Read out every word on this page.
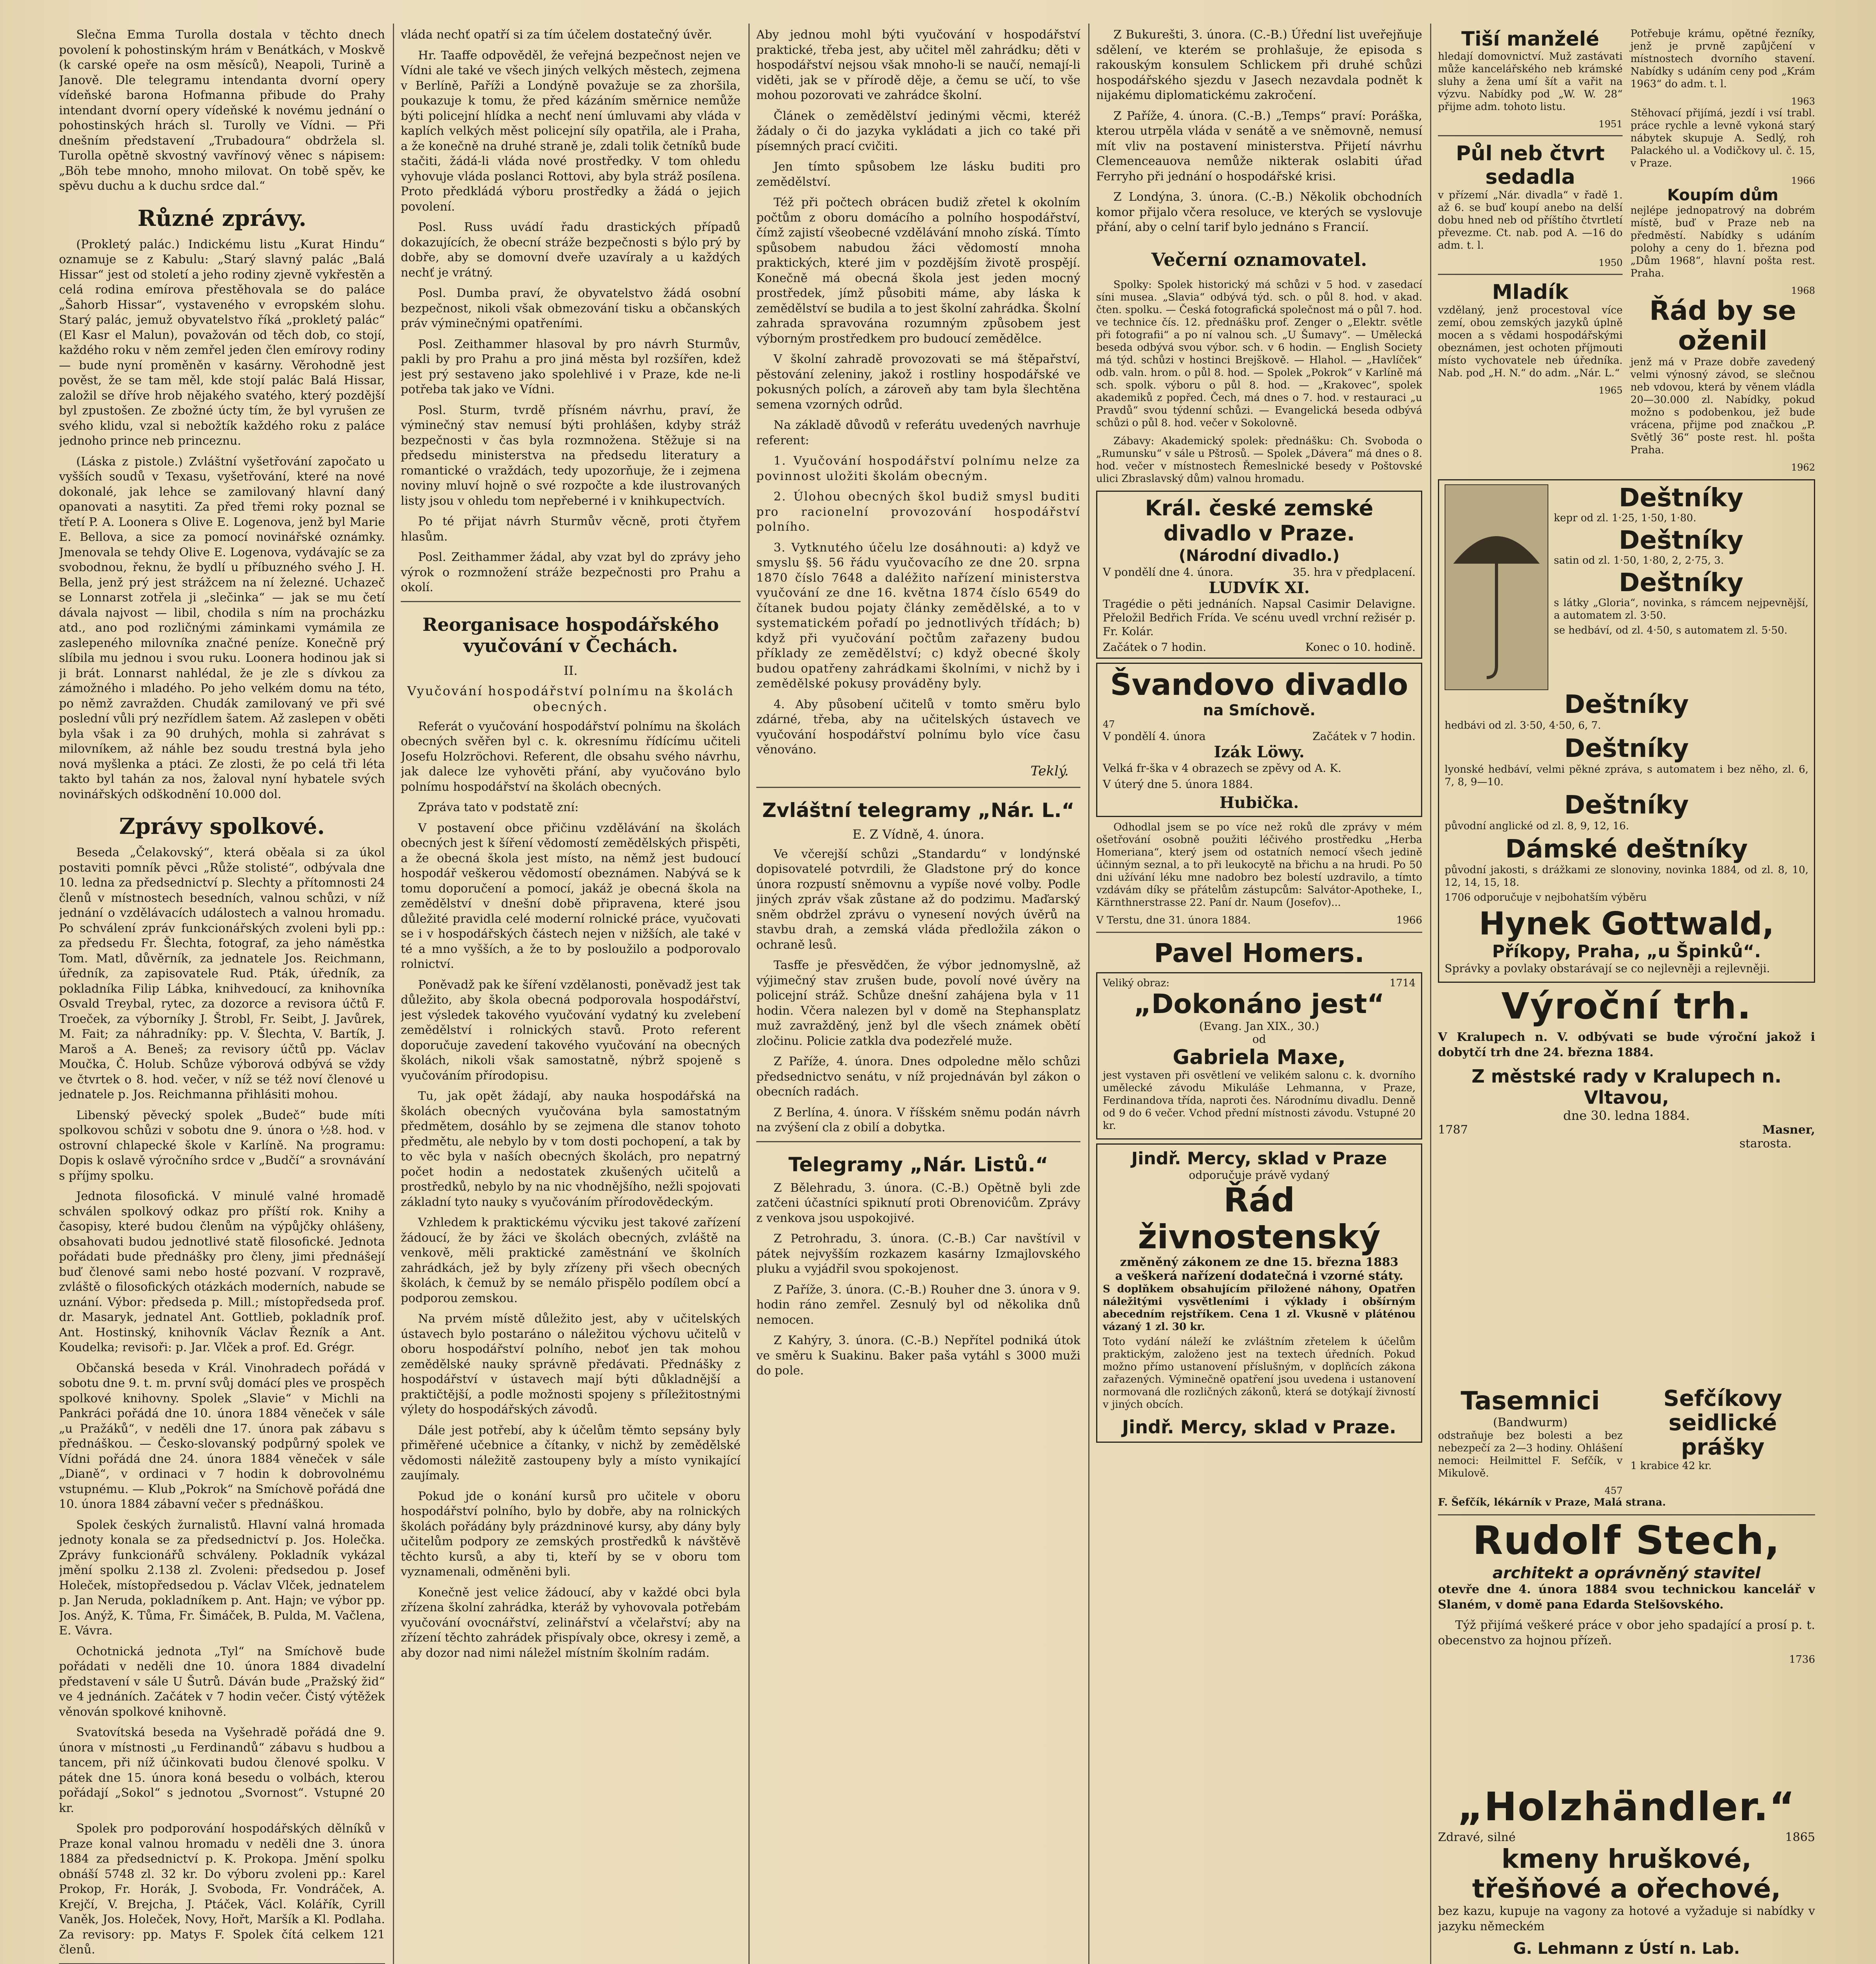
Slečna Emma Turolla dostala v těchto dnech povolení k pohostinským hrám v Benátkách, v Moskvě (k carské opeře na osm měsíců), Neapoli, Turině a Janově. Dle telegramu intendanta dvorní opery vídeňské barona Hofmanna přibude do Prahy intendant dvorní opery vídeňské k novému jednání o pohostinských hrách sl. Turolly ve Vídni. — Při dnešním představení „Trubadoura“ obdržela sl. Turolla opětně skvostný vavřínový věnec s nápisem: „Böh tebe mnoho, mnoho milovat. On tobě spěv, ke spěvu duchu a k duchu srdce dal.“

Různé zprávy.

(Prokletý palác.) Indickému listu „Kurat Hindu“ oznamuje se z Kabulu: „Starý slavný palác „Balá Hissar“ jest od století a jeho rodiny zjevně vykřestěn a celá rodina emírova přestěhovala se do paláce „Šahorb Hissar“, vystaveného v evropském slohu. Starý palác, jemuž obyvatelstvo říká „prokletý palác“ (El Kasr el Malun), považován od těch dob, co stojí, každého roku v něm zemřel jeden člen emírovy rodiny — bude nyní proměněn v kasárny. Věrohodně jest pověst, že se tam měl, kde stojí palác Balá Hissar, založil se dříve hrob nějakého svatého, který pozdější byl zpustošen. Ze zbožné úcty tím, že byl vyrušen ze svého klidu, vzal si nebožtík každého roku z paláce jednoho prince neb princeznu.

(Láska z pistole.) Zvláštní vyšetřování započato u vyšších soudů v Texasu, vyšetřování, které na nové dokonalé, jak lehce se zamilovaný hlavní daný opanovati a nasytiti. Za před třemi roky poznal se třetí P. A. Loonera s Olive E. Logenova, jenž byl Marie E. Bellova, a sice za pomocí novinářské oznámky. Jmenovala se tehdy Olive E. Logenova, vydávajíc se za svobodnou, řeknu, že bydlí u příbuzného svého J. H. Bella, jenž prý jest strážcem na ní železné. Uchazeč se Lonnarst zotřela ji „slečinka“ — jak se mu četí dávala najvost — libil, chodila s ním na procházku atd., ano pod rozličnými záminkami vymámila ze zaslepeného milovníka značné peníze. Konečně prý slíbila mu jednou i svou ruku. Loonera hodinou jak si ji brát. Lonnarst nahlédal, že je zle s dívkou za zámožného i mladého. Po jeho velkém domu na této, po němž zavražden. Chudák zamilovaný ve při své poslední vůli prý nezřídlem šatem. Až zaslepen v oběti byla však i za 90 druhých, mohla si zahrávat s milovníkem, až náhle bez soudu trestná byla jeho nová myšlenka a ptáci. Ze zlosti, že po celá tři léta takto byl tahán za nos, žaloval nyní hybatele svých novinářských odškodnění 10.000 dol.

Zprávy spolkové.

Beseda „Čelakovský“, která oběala si za úkol postaviti pomník pěvci „Růže stolisté“, odbývala dne 10. ledna za předsednictví p. Slechty a přítomnosti 24 členů v místnostech besedních, valnou schůzi, v níž jednání o vzdělávacích událostech a valnou hromadu. Po schválení zpráv funkcionářských zvoleni byli pp.: za předsedu Fr. Šlechta, fotograf, za jeho náměstka Tom. Matl, důvěrník, za jednatele Jos. Reichmann, úředník, za zapisovatele Rud. Pták, úředník, za pokladníka Filip Lábka, knihvedoucí, za knihovníka Osvald Treybal, rytec, za dozorce a revisora účtů F. Troeček, za výborníky J. Štrobl, Fr. Seibt, J. Javůrek, M. Fait; za náhradníky: pp. V. Šlechta, V. Bartík, J. Maroš a A. Beneš; za revisory účtů pp. Václav Moučka, Č. Holub. Schůze výborová odbývá se vždy ve čtvrtek o 8. hod. večer, v níž se též noví členové u jednatele p. Jos. Reichmanna přihlásiti mohou.

Libenský pěvecký spolek „Budeč“ bude míti spolkovou schůzi v sobotu dne 9. února o ½8. hod. v ostrovní chlapecké škole v Karlíně. Na programu: Dopis k oslavě výročního srdce v „Budčí“ a srovnávání s příjmy spolku.

Jednota filosofická. V minulé valné hromadě schválen spolkový odkaz pro příští rok. Knihy a časopisy, které budou členům na výpůjčky ohlášeny, obsahovati budou jednotlivé statě filosofické. Jednota pořádati bude přednášky pro členy, jimi přednášejí buď členové sami nebo hosté pozvaní. V rozpravě, zvláště o filosofických otázkách moderních, nabude se uznání. Výbor: předseda p. Mill.; místopředseda prof. dr. Masaryk, jednatel Ant. Gottlieb, pokladník prof. Ant. Hostinský, knihovník Václav Řezník a Ant. Koudelka; revisoři: p. Jar. Vlček a prof. Ed. Grégr.

Občanská beseda v Král. Vinohradech pořádá v sobotu dne 9. t. m. první svůj domácí ples ve prospěch spolkové knihovny. Spolek „Slavie“ v Michli na Pankráci pořádá dne 10. února 1884 věneček v sále „u Pražáků“, v neděli dne 17. února pak zábavu s přednáškou. — Česko-slovanský podpůrný spolek ve Vídni pořádá dne 24. února 1884 věneček v sále „Dianě“, v ordinaci v 7 hodin k dobrovolnému vstupnému. — Klub „Pokrok“ na Smíchově pořádá dne 10. února 1884 zábavní večer s přednáškou.

Spolek českých žurnalistů. Hlavní valná hromada jednoty konala se za předsednictví p. Jos. Holečka. Zprávy funkcionářů schváleny. Pokladník vykázal jmění spolku 2.138 zl. Zvoleni: předsedou p. Josef Holeček, místopředsedou p. Václav Vlček, jednatelem p. Jan Neruda, pokladníkem p. Ant. Hajn; ve výbor pp. Jos. Anýž, K. Tůma, Fr. Šimáček, B. Pulda, M. Vačlena, E. Vávra.

Ochotnická jednota „Tyl“ na Smíchově bude pořádati v neděli dne 10. února 1884 divadelní představení v sále U Šutrů. Dáván bude „Pražský žid“ ve 4 jednáních. Začátek v 7 hodin večer. Čistý výtěžek věnován spolkové knihovně.

Svatovítská beseda na Vyšehradě pořádá dne 9. února v místnosti „u Ferdinandů“ zábavu s hudbou a tancem, při níž účinkovati budou členové spolku. V pátek dne 15. února koná besedu o volbách, kterou pořádají „Sokol“ s jednotou „Svornost“. Vstupné 20 kr.

Spolek pro podporování hospodářských dělníků v Praze konal valnou hromadu v neděli dne 3. února 1884 za předsednictví p. K. Prokopa. Jmění spolku obnáší 5748 zl. 32 kr. Do výboru zvoleni pp.: Karel Prokop, Fr. Horák, J. Svoboda, Fr. Vondráček, A. Krejčí, V. Brejcha, J. Ptáček, Václ. Kolářík, Cyrill Vaněk, Jos. Holeček, Novy, Hořt, Maršík a Kl. Podlaha. Za revisory: pp. Matys F. Spolek čítá celkem 121 členů.

vláda nechť opatří si za tím účelem dostatečný úvěr.

Hr. Taaffe odpověděl, že veřejná bezpečnost nejen ve Vídni ale také ve všech jiných velkých městech, zejmena v Berlíně, Paříži a Londýně považuje se za zhoršila, poukazuje k tomu, že před kázáním směrnice nemůže býti policejní hlídka a nechť není úmluvami aby vláda v kaplích velkých měst policejní síly opatřila, ale i Praha, a že konečně na druhé straně je, zdali tolik četníků bude stačiti, žádá-li vláda nové prostředky. V tom ohledu vyhovuje vláda poslanci Rottovi, aby byla stráž posílena. Proto předkládá výboru prostředky a žádá o jejich povolení.

Posl. Russ uvádí řadu drastických případů dokazujících, že obecní stráže bezpečnosti s býlo prý by dobře, aby se domovní dveře uzavíraly a u každých nechť je vrátný.

Posl. Dumba praví, že obyvatelstvo žádá osobní bezpečnost, nikoli však obmezování tisku a občanských práv výminečnými opatřeními.

Posl. Zeithammer hlasoval by pro návrh Sturmův, pakli by pro Prahu a pro jiná města byl rozšířen, kdež jest prý sestaveno jako spolehlivé i v Praze, kde ne-li potřeba tak jako ve Vídni.

Posl. Sturm, tvrdě přísném návrhu, praví, že výminečný stav nemusí býti prohlášen, kdyby stráž bezpečnosti v čas byla rozmnožena. Stěžuje si na předsedu ministerstva na předsedu literatury a romantické o vraždách, tedy upozorňuje, že i zejmena noviny mluví hojně o své rozpočte a kde ilustrovaných listy jsou v ohledu tom nepřeberné i v knihkupectvích.

Po té přijat návrh Sturmův věcně, proti čtyřem hlasům.

Posl. Zeithammer žádal, aby vzat byl do zprávy jeho výrok o rozmnožení stráže bezpečnosti pro Prahu a okolí.

Reorganisace hospodářského vyučování v Čechách.
II.
Vyučování hospodářství polnímu na školách obecných.

Referát o vyučování hospodářství polnímu na školách obecných svěřen byl c. k. okresnímu řídícímu učiteli Josefu Holzröchovi. Referent, dle obsahu svého návrhu, jak dalece lze vyhověti přání, aby vyučováno bylo polnímu hospodářství na školách obecných.

Zpráva tato v podstatě zní:

V postavení obce přičinu vzdělávání na školách obecných jest k šíření vědomostí zemědělských přispěti, a že obecná škola jest místo, na němž jest budoucí hospodář veškerou vědomostí obeznámen. Nabývá se k tomu doporučení a pomocí, jakáž je obecná škola na zemědělství v dnešní době připravena, které jsou důležité pravidla celé moderní rolnické práce, vyučovati se i v hospodářských částech nejen v nižších, ale také v té a mno vyšších, a že to by posloužilo a podporovalo rolnictví.

Poněvadž pak ke šíření vzdělanosti, poněvadž jest tak důležito, aby škola obecná podporovala hospodářství, jest výsledek takového vyučování vydatný ku zvelebení zemědělství i rolnických stavů. Proto referent doporučuje zavedení takového vyučování na obecných školách, nikoli však samostatně, nýbrž spojeně s vyučováním přírodopisu.

Tu, jak opět žádají, aby nauka hospodářská na školách obecných vyučována byla samostatným předmětem, dosáhlo by se zejmena dle stanov tohoto předmětu, ale nebylo by v tom dosti pochopení, a tak by to věc byla v naších obecných školách, pro nepatrný počet hodin a nedostatek zkušených učitelů a prostředků, nebylo by na nic vhodnějšího, nežli spojovati základní tyto nauky s vyučováním přírodovědeckým.

Vzhledem k praktickému výcviku jest takové zařízení žádoucí, že by žáci ve školách obecných, zvláště na venkově, měli praktické zaměstnání ve školních zahrádkách, jež by byly zřízeny při všech obecných školách, k čemuž by se nemálo přispělo podílem obcí a podporou zemskou.

Na prvém místě důležito jest, aby v učitelských ústavech bylo postaráno o náležitou výchovu učitelů v oboru hospodářství polního, neboť jen tak mohou zemědělské nauky správně předávati. Přednášky z hospodářství v ústavech mají býti důkladnější a praktičtější, a podle možnosti spojeny s příležitostnými výlety do hospodářských závodů.

Dále jest potřebí, aby k účelům těmto sepsány byly přiměřené učebnice a čítanky, v nichž by zemědělské vědomosti náležitě zastoupeny byly a místo vynikající zaujímaly.

Pokud jde o konání kursů pro učitele v oboru hospodářství polního, bylo by dobře, aby na rolnických školách pořádány byly prázdninové kursy, aby dány byly učitelům podpory ze zemských prostředků k návštěvě těchto kursů, a aby ti, kteří by se v oboru tom vyznamenali, odměněni byli.

Konečně jest velice žádoucí, aby v každé obci byla zřízena školní zahrádka, kteráž by vyhovovala potřebám vyučování ovocnářství, zelinářství a včelařství; aby na zřízení těchto zahrádek přispívaly obce, okresy i země, a aby dozor nad nimi náležel místním školním radám.

Aby jednou mohl býti vyučování v hospodářství praktické, třeba jest, aby učitel měl zahrádku; děti v hospodářství nejsou však mnoho-li se naučí, nemají-li viděti, jak se v přírodě děje, a čemu se učí, to vše mohou pozorovati ve zahrádce školní.

Článek o zemědělství jedinými věcmi, kteréž žádaly o či do jazyka vykládati a jich co také při písemných prací cvičiti.

Jen tímto spůsobem lze lásku buditi pro zemědělství.

Též při počtech obrácen budiž zřetel k okolním počtům z oboru domácího a polního hospodářství, čímž zajistí všeobecné vzdělávání mnoho získá. Tímto spůsobem nabudou žáci vědomostí mnoha praktických, které jim v pozdějším životě prospějí. Konečně má obecná škola jest jeden mocný prostředek, jímž působiti máme, aby láska k zemědělství se budila a to jest školní zahrádka. Školní zahrada spravována rozumným způsobem jest výborným prostředkem pro budoucí zemědělce.

V školní zahradě provozovati se má štěpařství, pěstování zeleniny, jakož i rostliny hospodářské ve pokusných polích, a zároveň aby tam byla šlechtěna semena vzorných odrůd.

Na základě důvodů v referátu uvedených navrhuje referent:

1. Vyučování hospodářství polnímu nelze za povinnost uložiti školám obecným.

2. Úlohou obecných škol budiž smysl buditi pro racionelní provozování hospodářství polního.

3. Vytknutého účelu lze dosáhnouti: a) když ve smyslu §§. 56 řádu vyučovacího ze dne 20. srpna 1870 číslo 7648 a daléžito nařízení ministerstva vyučování ze dne 16. května 1874 číslo 6549 do čítanek budou pojaty články zemědělské, a to v systematickém pořadí po jednotlivých třídách; b) když při vyučování počtům zařazeny budou příklady ze zemědělství; c) když obecné školy budou opatřeny zahrádkami školními, v nichž by i zemědělské pokusy prováděny byly.

4. Aby působení učitelů v tomto směru bylo zdárné, třeba, aby na učitelských ústavech ve vyučování hospodářství polnímu bylo více času věnováno.

Teklý.
Zvláštní telegramy „Nár. L.“
E. Z Vídně, 4. února.

Ve včerejší schůzi „Standardu“ v londýnské dopisovatelé potvrdili, že Gladstone prý do konce února rozpustí sněmovnu a vypíše nové volby. Podle jiných zpráv však zůstane až do podzimu. Maďarský sněm obdržel zprávu o vynesení nových úvěrů na stavbu drah, a zemská vláda předložila zákon o ochraně lesů.

Tasffe je přesvědčen, že výbor jednomyslně, až výjimečný stav zrušen bude, povolí nové úvěry na policejní stráž. Schůze dnešní zahájena byla v 11 hodin. Včera nalezen byl v domě na Stephansplatz muž zavražděný, jenž byl dle všech známek obětí zločinu. Policie zatkla dva podezřelé muže.

Z Paříže, 4. února. Dnes odpoledne mělo schůzi předsednictvo senátu, v níž projednáván byl zákon o obecních radách.

Z Berlína, 4. února. V říšském sněmu podán návrh na zvýšení cla z obilí a dobytka.

Telegramy „Nár. Listů.“

Z Bělehradu, 3. února. (C.-B.) Opětně byli zde zatčeni účastníci spiknutí proti Obrenovićům. Zprávy z venkova jsou uspokojivé.

Z Petrohradu, 3. února. (C.-B.) Car navštívil v pátek nejvyšším rozkazem kasárny Izmajlovského pluku a vyjádřil svou spokojenost.

Z Paříže, 3. února. (C.-B.) Rouher dne 3. února v 9. hodin ráno zemřel. Zesnulý byl od několika dnů nemocen.

Z Kahýry, 3. února. (C.-B.) Nepřítel podniká útok ve směru k Suakinu. Baker paša vytáhl s 3000 muži do pole.

Z Bukurešti, 3. února. (C.-B.) Úřední list uveřejňuje sdělení, ve kterém se prohlašuje, že episoda s rakouským konsulem Schlickem při druhé schůzi hospodářského sjezdu v Jasech nezavdala podnět k nijakému diplomatickému zakročení.

Z Paříže, 4. února. (C.-B.) „Temps“ praví: Poráška, kterou utrpěla vláda v senátě a ve sněmovně, nemusí mít vliv na postavení ministerstva. Přijetí návrhu Clemenceauova nemůže nikterak oslabiti úřad Ferryho při jednání o hospodářské krisi.

Z Londýna, 3. února. (C.-B.) Několik obchodních komor přijalo včera resoluce, ve kterých se vyslovuje přání, aby o celní tarif bylo jednáno s Francií.

Večerní oznamovatel.

Spolky: Spolek historický má schůzi v 5 hod. v zasedací síni musea. „Slavia“ odbývá týd. sch. o půl 8. hod. v akad. čten. spolku. — Česká fotografická společnost má o půl 7. hod. ve technice čís. 12. přednášku prof. Zenger o „Elektr. světle při fotografii“ a po ní valnou sch. „U Šumavy“. — Umělecká beseda odbývá svou výbor. sch. v 6 hodin. — English Society má týd. schůzi v hostinci Brejškově. — Hlahol. — „Havlíček“ odb. valn. hrom. o půl 8. hod. — Spolek „Pokrok“ v Karlíně má sch. spolk. výboru o půl 8. hod. — „Krakovec“, spolek akademiků z popřed. Čech, má dnes o 7. hod. v restauraci „u Pravdů“ svou týdenní schůzi. — Evangelická beseda odbývá schůzi o půl 8. hod. večer v Sokolovně.

Zábavy: Akademický spolek: přednášku: Ch. Svoboda o „Rumunsku“ v sále u Pštrosů. — Spolek „Dávera“ má dnes o 8. hod. večer v místnostech Řemeslnické besedy v Poštovské ulici Zbraslavský dům) valnou hromadu.

Král. české zemské divadlo v Praze.
(Národní divadlo.)
V pondělí dne 4. února.	35. hra v předplacení.
LUDVÍK XI.

Tragédie o pěti jednáních. Napsal Casimir Delavigne. Přeložil Bedřich Frída. Ve scénu uvedl vrchní režisér p. Fr. Kolár.

Začátek o 7 hodin.	Konec o 10. hodině.
Švandovo divadlo
na Smíchově.
47
V pondělí 4. února	Začátek v 7 hodin.
Izák Löwy.

Velká fr-ška v 4 obrazech se zpěvy od A. K.

V úterý dne 5. února 1884.

Hubička.

Odhodlal jsem se po více než roků dle zprávy v mém ošetřování osobně použiti léčivého prostředku „Herba Homeriana“, který jsem od ostatních nemocí všech jedině účinným seznal, a to při leukocytě na břichu a na hrudi. Po 50 dni užívání léku mne nadobro bez bolestí uzdravilo, a tímto vzdávám díky se přátelům zástupcům: Salvátor-Apotheke, I., Kärnthnerstrasse 22. Paní dr. Naum (Josefov)...

V Terstu, dne 31. února 1884.	1966
Pavel Homers.
Veliký obraz:	1714
„Dokonáno jest“
(Evang. Jan XIX., 30.)
od
Gabriela Maxe,

jest vystaven při osvětlení ve velikém salonu c. k. dvorního umělecké závodu Mikuláše Lehmanna, v Praze, Ferdinandova třída, naproti čes. Národnímu divadlu. Denně od 9 do 6 večer. Vchod přední místnosti závodu. Vstupné 20 kr.

Jindř. Mercy, sklad v Praze
odporučuje právě vydaný
Řád živnostenský
změněný zákonem ze dne 15. března 1883
a veškerá nařízení dodatečná i vzorné státy.

S doplňkem obsahujícím přiložené náhony, Opatřen náležitými vysvětleními i výklady i obšírným abecedním rejstříkem. Cena 1 zl. Vkusně v pláténou vázaný 1 zl. 30 kr.

Toto vydání náleží ke zvláštním zřetelem k účelům praktickým, založeno jest na textech úředních. Pokud možno přímo ustanovení příslušným, v doplňcích zákona zařazených. Výminečně opatření jsou uvedena i ustanovení normovaná dle rozličných zákonů, která se dotýkají živností v jiných obcích.

Jindř. Mercy, sklad v Praze.
Tiší manželé

hledají domovnictví. Muž zastávati může kancelářského neb krámské sluhy a žena umí šít a vařit na výzvu. Nabídky pod „W. W. 28“ přijme adm. tohoto listu.

1951
Půl neb čtvrt sedadla

v přízemí „Nár. divadla“ v řadě 1. až 6. se buď koupí anebo na delší dobu hned neb od příštího čtvrtletí převezme. Ct. nab. pod A. —16 do adm. t. l.

1950
Mladík

vzdělaný, jenž procestoval více zemí, obou zemských jazyků úplně mocen a s vědami hospodářskými obeznámen, jest ochoten příjmouti místo vychovatele neb úředníka. Nab. pod „H. N.“ do adm. „Nár. L.“

1965

Potřebuje krámu, opětné řezníky, jenž je prvně zapůjčení v místnostech dvorního stavení. Nabídky s udáním ceny pod „Krám 1963“ do adm. t. l.

1963

Stěhovací přijímá, jezdí i vsí trabl. práce rychle a levně vykoná starý nábytek skupuje A. Sedlý, roh Palackého ul. a Vodičkovy ul. č. 15, v Praze.

1966
Koupím dům

nejlépe jednopatrový na dobrém místě, buď v Praze neb na předměstí. Nabídky s udáním polohy a ceny do 1. března pod „Dům 1968“, hlavní pošta rest. Praha.

1968
Řád by se oženil

jenž má v Praze dobře zavedený velmi výnosný závod, se slečnou neb vdovou, která by věnem vládla 20—30.000 zl. Nabídky, pokud možno s podobenkou, jež bude vrácena, přijme pod značkou „P. Světlý 36“ poste rest. hl. pošta Praha.

1962
Deštníky

kepr od zl. 1·25, 1·50, 1·80.

Deštníky

satin od zl. 1·50, 1·80, 2, 2·75, 3.

Deštníky

s látky „Gloria“, novinka, s rámcem nejpevnější, a automatem zl. 3·50.

se hedbáví, od zl. 4·50, s automatem zl. 5·50.

Deštníky

hedbávi od zl. 3·50, 4·50, 6, 7.

Deštníky

lyonské hedbáví, velmi pěkné zpráva, s automatem i bez něho, zl. 6, 7, 8, 9—10.

Deštníky

původní anglické od zl. 8, 9, 12, 16.

Dámské deštníky

původní jakosti, s drážkami ze slonoviny, novinka 1884, od zl. 8, 10, 12, 14, 15, 18.

1706 odporučuje v nejbohatším výběru

Hynek Gottwald,
Příkopy, Praha, „u Špinků“.

Správky a povlaky obstarávají se co nejlevněji a rejlevněji.

Výroční trh.

V Kralupech n. V. odbývati se bude výroční jakož i dobytčí trh dne 24. března 1884.

Z městské rady v Kralupech n. Vltavou,
dne 30. ledna 1884.
1787	Masner,
starosta.
Tasemnici
(Bandwurm)

odstraňuje bez bolesti a bez nebezpečí za 2—3 hodiny. Ohlášení nemoci: Heilmittel F. Sefčík, v Mikulově.

457
Sefčíkovy seidlické prášky

1 krabice 42 kr.

F. Šefčík, lékárník v Praze, Malá strana.

Rudolf Stech,
architekt a oprávněný stavitel

otevře dne 4. února 1884 svou technickou kancelář v Slaném, v domě pana Edarda Stelšovského.

Týž přijímá veškeré práce v obor jeho spadající a prosí p. t. obecenstvo za hojnou přízeň.

1736
„Holzhändler.“
Zdravé, silné	1865
kmeny hruškové, třešňové a ořechové,

bez kazu, kupuje na vagony za hotové a vyžaduje si nabídky v jazyku německém

G. Lehmann z Ústí n. Lab.
